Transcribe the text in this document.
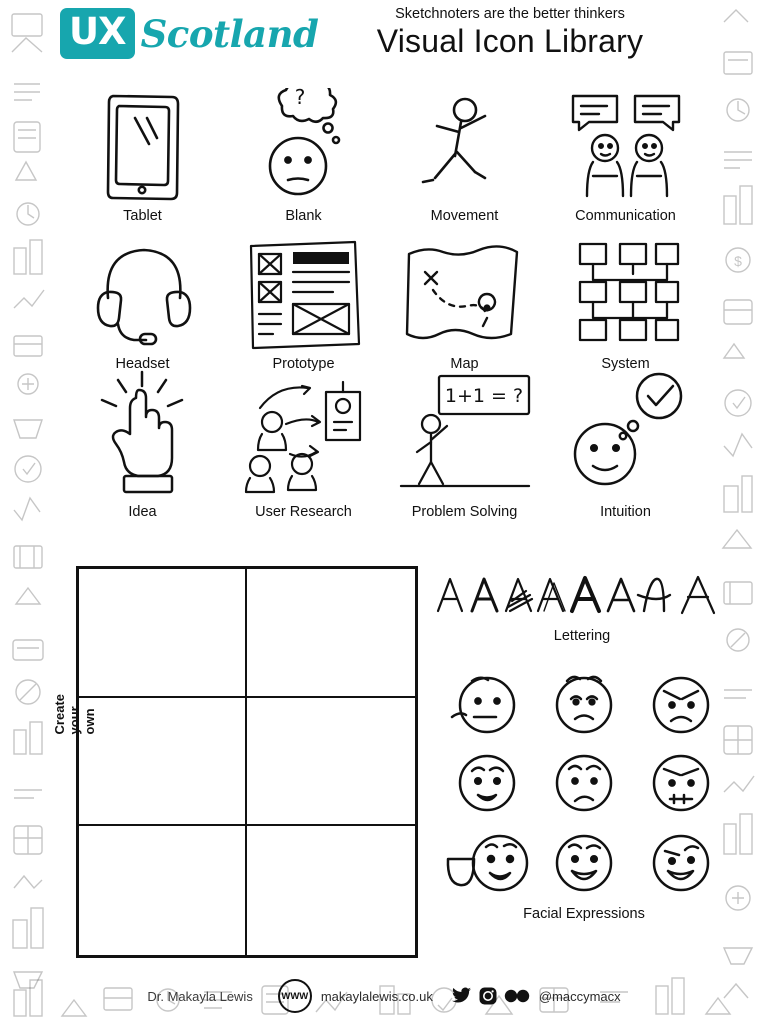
$
UX Scotland	Sketchnoters are the better thinkers
Visual Icon Library
Tablet
?
Blank	Movement	Communication
Headset	Prototype	Map	System
Idea	User Research
1+1 = ?
Problem Solving	Intuition
Create your own
Lettering
Facial Expressions
Dr. Makayla Lewis	WWW makaylalewis.co.uk	@maccymacx
